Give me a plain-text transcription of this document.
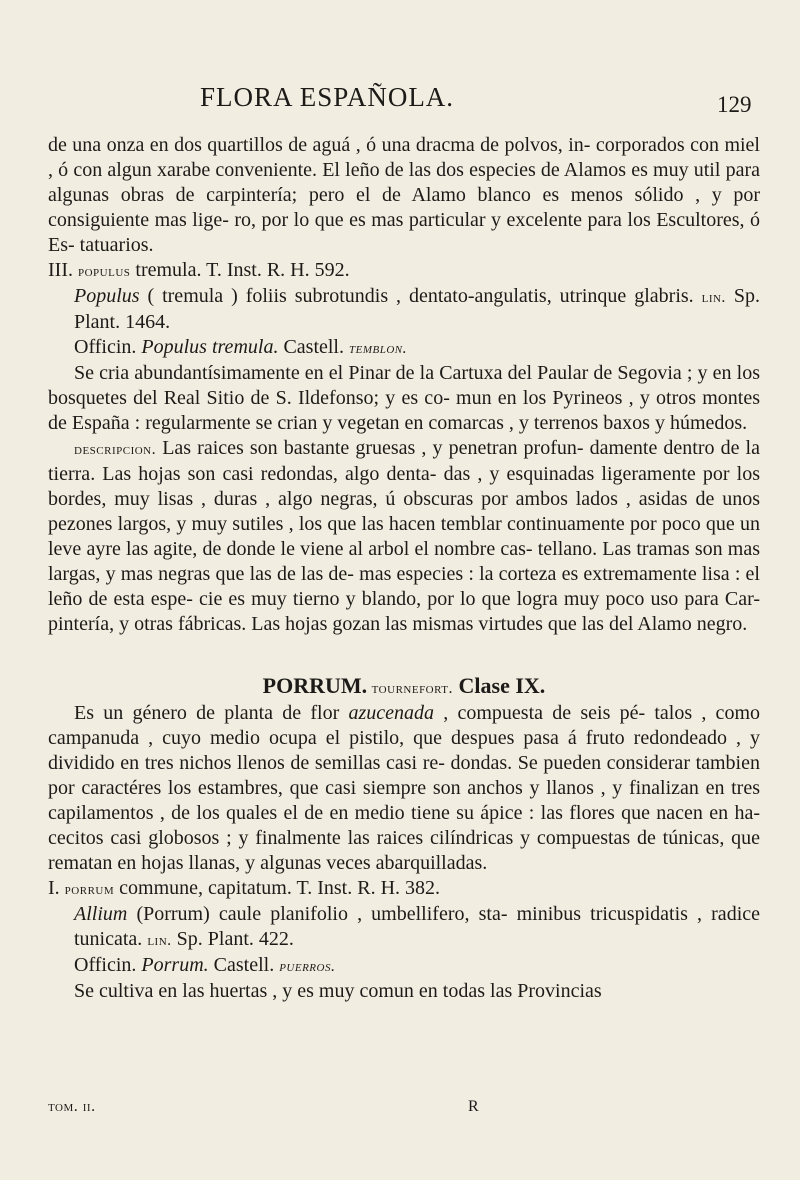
FLORA ESPAÑOLA.	129

de una onza en dos quartillos de aguá , ó una dracma de polvos, in- corporados con miel , ó con algun xarabe conveniente. El leño de las dos especies de Alamos es muy util para algunas obras de carpintería; pero el de Alamo blanco es menos sólido , y por consiguiente mas lige- ro, por lo que es mas particular y excelente para los Escultores, ó Es- tatuarios.

III. populus tremula. T. Inst. R. H. 592.

Populus ( tremula ) foliis subrotundis , dentato-angulatis, utrinque glabris. lin. Sp. Plant. 1464.

Officin. Populus tremula. Castell. temblon.

Se cria abundantísimamente en el Pinar de la Cartuxa del Paular de Segovia ; y en los bosquetes del Real Sitio de S. Ildefonso; y es co- mun en los Pyrineos , y otros montes de España : regularmente se crian y vegetan en comarcas , y terrenos baxos y húmedos.

descripcion. Las raices son bastante gruesas , y penetran profun- damente dentro de la tierra. Las hojas son casi redondas, algo denta- das , y esquinadas ligeramente por los bordes, muy lisas , duras , algo negras, ú obscuras por ambos lados , asidas de unos pezones largos, y muy sutiles , los que las hacen temblar continuamente por poco que un leve ayre las agite, de donde le viene al arbol el nombre cas- tellano. Las tramas son mas largas, y mas negras que las de las de- mas especies : la corteza es extremamente lisa : el leño de esta espe- cie es muy tierno y blando, por lo que logra muy poco uso para Car- pintería, y otras fábricas. Las hojas gozan las mismas virtudes que las del Alamo negro.

PORRUM. tournefort. Clase IX.

Es un género de planta de flor azucenada , compuesta de seis pé- talos , como campanuda , cuyo medio ocupa el pistilo, que despues pasa á fruto redondeado , y dividido en tres nichos llenos de semillas casi re- dondas. Se pueden considerar tambien por caractéres los estambres, que casi siempre son anchos y llanos , y finalizan en tres capilamentos , de los quales el de en medio tiene su ápice : las flores que nacen en ha- cecitos casi globosos ; y finalmente las raices cilíndricas y compuestas de túnicas, que rematan en hojas llanas, y algunas veces abarquilladas.

I. porrum commune, capitatum. T. Inst. R. H. 382.

Allium (Porrum) caule planifolio , umbellifero, sta- minibus tricuspidatis , radice tunicata. lin. Sp. Plant. 422.

Officin. Porrum. Castell. puerros.

Se cultiva en las huertas , y es muy comun en todas las Provincias

tom. ii.	R
